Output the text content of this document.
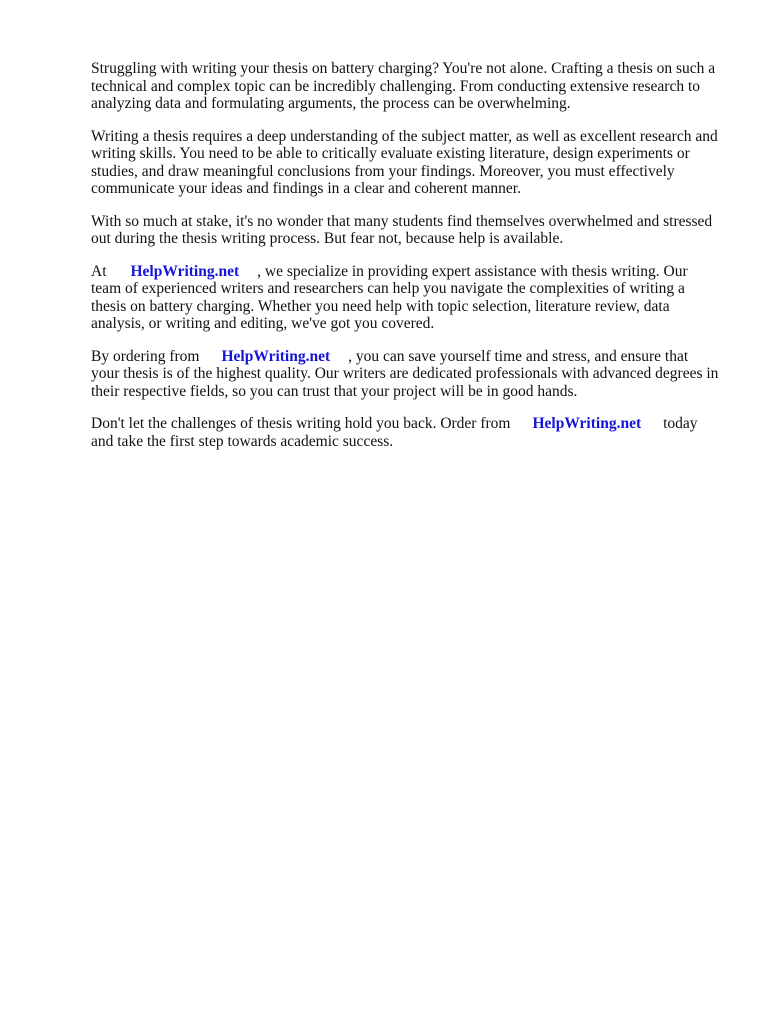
Struggling with writing your thesis on battery charging? You're not alone. Crafting a thesis on such a
technical and complex topic can be incredibly challenging. From conducting extensive research to
analyzing data and formulating arguments, the process can be overwhelming.

Writing a thesis requires a deep understanding of the subject matter, as well as excellent research and
writing skills. You need to be able to critically evaluate existing literature, design experiments or
studies, and draw meaningful conclusions from your findings. Moreover, you must effectively
communicate your ideas and findings in a clear and coherent manner.

With so much at stake, it's no wonder that many students find themselves overwhelmed and stressed
out during the thesis writing process. But fear not, because help is available.

At HelpWriting.net , we specialize in providing expert assistance with thesis writing. Our
team of experienced writers and researchers can help you navigate the complexities of writing a
thesis on battery charging. Whether you need help with topic selection, literature review, data
analysis, or writing and editing, we've got you covered.

By ordering from HelpWriting.net , you can save yourself time and stress, and ensure that
your thesis is of the highest quality. Our writers are dedicated professionals with advanced degrees in
their respective fields, so you can trust that your project will be in good hands.

Don't let the challenges of thesis writing hold you back. Order from HelpWriting.net today
and take the first step towards academic success.
